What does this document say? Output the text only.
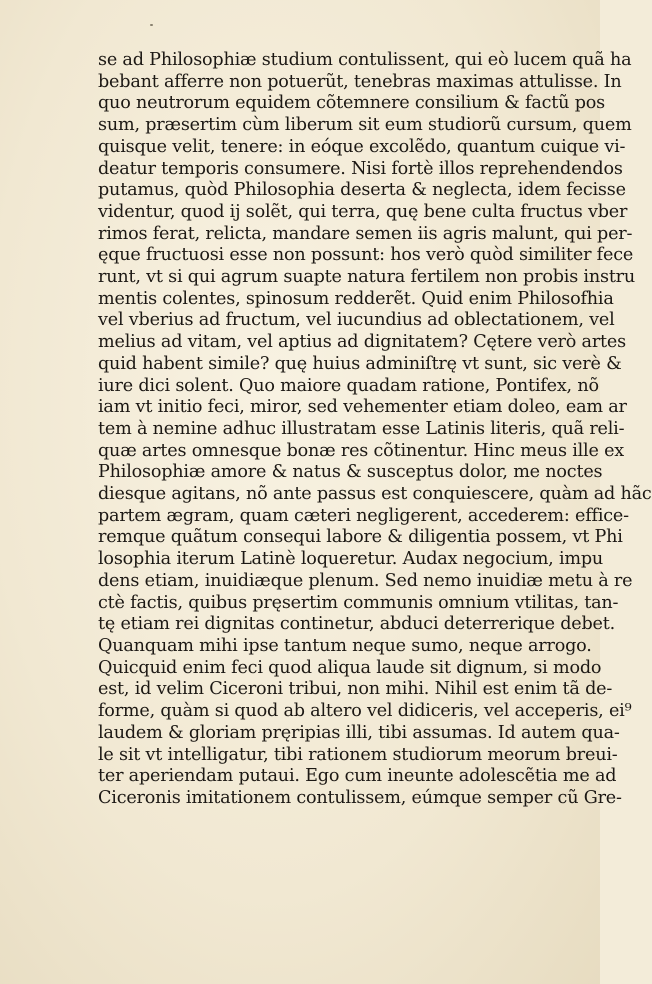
se ad Philosophiæ studium contulissent, qui eò lucem quã ha
bebant afferre non potuerũt, tenebras maximas attulisse. In
quo neutrorum equidem cõtemnere consilium & factũ pos
sum, præsertim cùm liberum sit eum studiorũ cursum, quem
quisque velit, tenere: in eóque excolẽdo, quantum cuique vi-
deatur temporis consumere. Nisi fortè illos reprehendendos
putamus, quòd Philosophia deserta & neglecta, idem fecisse
videntur, quod ij solẽt, qui terra, quę bene culta fructus vber
rimos ferat, relicta, mandare semen iis agris malunt, qui per-
ęque fructuosi esse non possunt: hos verò quòd similiter fece
runt, vt si qui agrum suapte natura fertilem non probis instru
mentis colentes, spinosum redderẽt. Quid enim Philosofhia
vel vberius ad fructum, vel iucundius ad oblectationem, vel
melius ad vitam, vel aptius ad dignitatem? Cętere verò artes
quid habent simile? quę huius adminiſtrę vt sunt, sic verè &
iure dici solent. Quo maiore quadam ratione, Pontifex, nõ
iam vt initio feci, miror, sed vehementer etiam doleo, eam ar
tem à nemine adhuc illustratam esse Latinis literis, quã reli-
quæ artes omnesque bonæ res cõtinentur. Hinc meus ille ex
Philosophiæ amore & natus & susceptus dolor, me noctes
diesque agitans, nõ ante passus est conquiescere, quàm ad hãc
partem ægram, quam cæteri negligerent, accederem: effice-
remque quãtum consequi labore & diligentia possem, vt Phi
losophia iterum Latinè loqueretur. Audax negocium, impu
dens etiam, inuidiæque plenum. Sed nemo inuidiæ metu à re
ctè factis, quibus pręsertim communis omnium vtilitas, tan-
tę etiam rei dignitas continetur, abduci deterrerique debet.
Quanquam mihi ipse tantum neque sumo, neque arrogo.
Quicquid enim feci quod aliqua laude sit dignum, si modo
est, id velim Ciceroni tribui, non mihi. Nihil est enim tã de-
forme, quàm si quod ab altero vel didiceris, vel acceperis, ei⁹
laudem & gloriam pręripias illi, tibi assumas. Id autem qua-
le sit vt intelligatur, tibi rationem studiorum meorum breui-
ter aperiendam putaui. Ego cum ineunte adolescẽtia me ad
Ciceronis imitationem contulissem, eúmque semper cũ Gre-
